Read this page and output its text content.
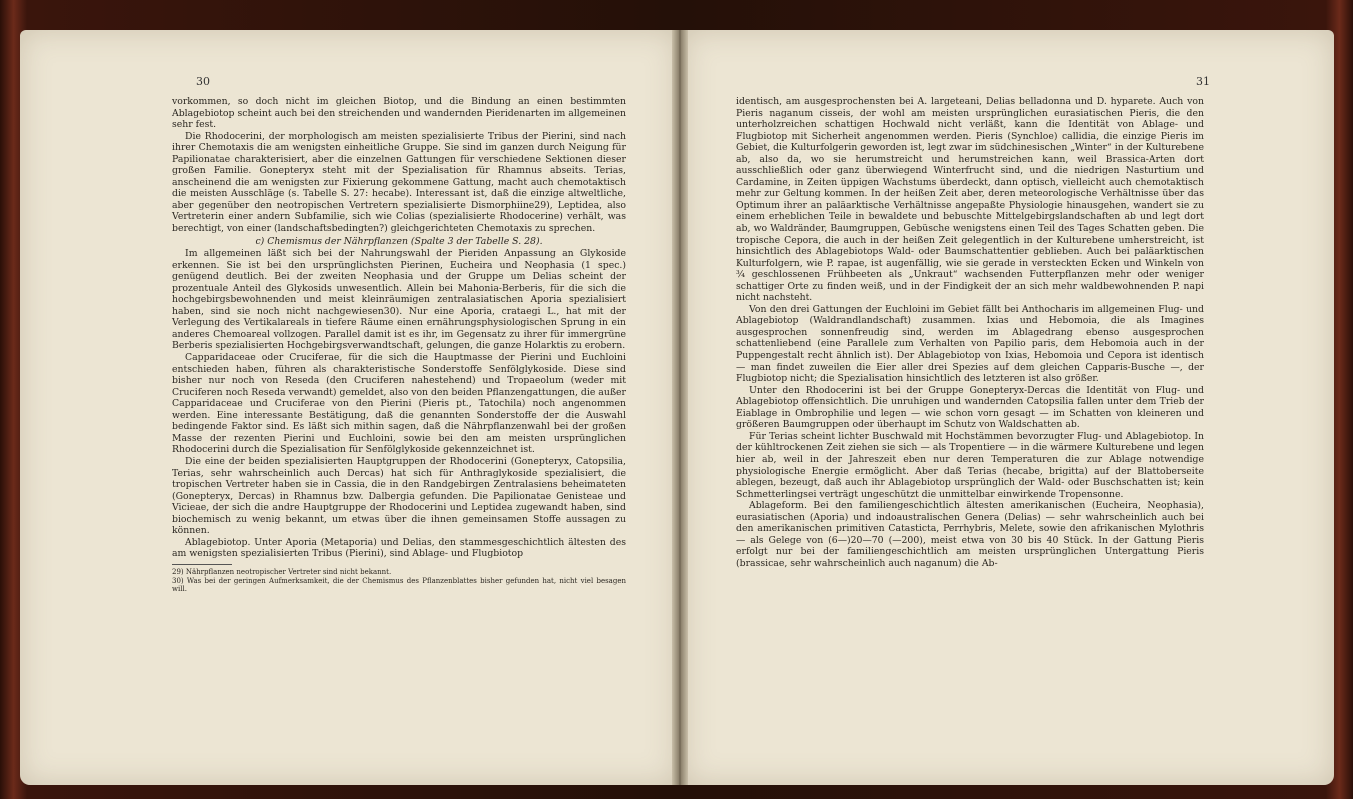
30

vorkommen, so doch nicht im gleichen Biotop, und die Bindung an einen bestimmten Ablagebiotop scheint auch bei den streichenden und wandernden Pieridenarten im allgemeinen sehr fest.

Die Rhodocerini, der morphologisch am meisten spezialisierte Tribus der Pierini, sind nach ihrer Chemotaxis die am wenigsten einheitliche Gruppe. Sie sind im ganzen durch Neigung für Papilionatae charakterisiert, aber die einzelnen Gattungen für verschiedene Sektionen dieser großen Familie. Gonepteryx steht mit der Spezialisation für Rhamnus abseits. Terias, anscheinend die am wenigsten zur Fixierung gekommene Gattung, macht auch chemotaktisch die meisten Ausschläge (s. Tabelle S. 27: hecabe). Interessant ist, daß die einzige altweltliche, aber gegenüber den neotropischen Vertretern spezialisierte Dismorphiine29), Leptidea, also Vertreterin einer andern Subfamilie, sich wie Colias (spezialisierte Rhodocerine) verhält, was berechtigt, von einer (landschaftsbedingten?) gleichgerichteten Chemotaxis zu sprechen.

c) Chemismus der Nährpflanzen (Spalte 3 der Tabelle S. 28).

Im allgemeinen läßt sich bei der Nahrungswahl der Pieriden Anpassung an Glykoside erkennen. Sie ist bei den ursprünglichsten Pierinen, Eucheira und Neophasia (1 spec.) genügend deutlich. Bei der zweiten Neophasia und der Gruppe um Delias scheint der prozentuale Anteil des Glykosids unwesentlich. Allein bei Mahonia-Berberis, für die sich die hochgebirgsbewohnenden und meist kleinräumigen zentralasiatischen Aporia spezialisiert haben, sind sie noch nicht nachgewiesen30). Nur eine Aporia, crataegi L., hat mit der Verlegung des Vertikalareals in tiefere Räume einen ernährungsphysiologischen Sprung in ein anderes Chemoareal vollzogen. Parallel damit ist es ihr, im Gegensatz zu ihrer für immergrüne Berberis spezialisierten Hochgebirgsverwandtschaft, gelungen, die ganze Holarktis zu erobern.

Capparidaceae oder Cruciferae, für die sich die Hauptmasse der Pierini und Euchloini entschieden haben, führen als charakteristische Sonderstoffe Senfölglykoside. Diese sind bisher nur noch von Reseda (den Cruciferen nahestehend) und Tropaeolum (weder mit Cruciferen noch Reseda verwandt) gemeldet, also von den beiden Pflanzengattungen, die außer Capparidaceae und Cruciferae von den Pierini (Pieris pt., Tatochila) noch angenommen werden. Eine interessante Bestätigung, daß die genannten Sonderstoffe der die Auswahl bedingende Faktor sind. Es läßt sich mithin sagen, daß die Nährpflanzenwahl bei der großen Masse der rezenten Pierini und Euchloini, sowie bei den am meisten ursprünglichen Rhodocerini durch die Spezialisation für Senfölglykoside gekennzeichnet ist.

Die eine der beiden spezialisierten Hauptgruppen der Rhodocerini (Gonepteryx, Catopsilia, Terias, sehr wahrscheinlich auch Dercas) hat sich für Anthraglykoside spezialisiert, die tropischen Vertreter haben sie in Cassia, die in den Randgebirgen Zentralasiens beheimateten (Gonepteryx, Dercas) in Rhamnus bzw. Dalbergia gefunden. Die Papilionatae Genisteae und Vicieae, der sich die andre Hauptgruppe der Rhodocerini und Leptidea zugewandt haben, sind biochemisch zu wenig bekannt, um etwas über die ihnen gemeinsamen Stoffe aussagen zu können.

Ablagebiotop. Unter Aporia (Metaporia) und Delias, den stammesgeschichtlich ältesten des am wenigsten spezialisierten Tribus (Pierini), sind Ablage- und Flugbiotop

29) Nährpflanzen neotropischer Vertreter sind nicht bekannt.

30) Was bei der geringen Aufmerksamkeit, die der Chemismus des Pflanzenblattes bisher gefunden hat, nicht viel besagen will.

31

identisch, am ausgesprochensten bei A. largeteani, Delias belladonna und D. hyparete. Auch von Pieris naganum cisseis, der wohl am meisten ursprünglichen eurasiatischen Pieris, die den unterholzreichen schattigen Hochwald nicht verläßt, kann die Identität von Ablage- und Flugbiotop mit Sicherheit angenommen werden. Pieris (Synchloe) callidia, die einzige Pieris im Gebiet, die Kulturfolgerin geworden ist, legt zwar im südchinesischen „Winter“ in der Kulturebene ab, also da, wo sie herumstreicht und herumstreichen kann, weil Brassica-Arten dort ausschließlich oder ganz überwiegend Winterfrucht sind, und die niedrigen Nasturtium und Cardamine, in Zeiten üppigen Wachstums überdeckt, dann optisch, vielleicht auch chemotaktisch mehr zur Geltung kommen. In der heißen Zeit aber, deren meteorologische Verhältnisse über das Optimum ihrer an paläarktische Verhältnisse angepaßte Physiologie hinausgehen, wandert sie zu einem erheblichen Teile in bewaldete und bebuschte Mittelgebirgslandschaften ab und legt dort ab, wo Waldränder, Baumgruppen, Gebüsche wenigstens einen Teil des Tages Schatten geben. Die tropische Cepora, die auch in der heißen Zeit gelegentlich in der Kulturebene umherstreicht, ist hinsichtlich des Ablagebiotops Wald- oder Baumschattentier geblieben. Auch bei paläarktischen Kulturfolgern, wie P. rapae, ist augenfällig, wie sie gerade in versteckten Ecken und Winkeln von ¾ geschlossenen Frühbeeten als „Unkraut“ wachsenden Futterpflanzen mehr oder weniger schattiger Orte zu finden weiß, und in der Findigkeit der an sich mehr waldbewohnenden P. napi nicht nachsteht.

Von den drei Gattungen der Euchloini im Gebiet fällt bei Anthocharis im allgemeinen Flug- und Ablagebiotop (Waldrandlandschaft) zusammen. Ixias und Hebomoia, die als Imagines ausgesprochen sonnenfreudig sind, werden im Ablagedrang ebenso ausgesprochen schattenliebend (eine Parallele zum Verhalten von Papilio paris, dem Hebomoia auch in der Puppengestalt recht ähnlich ist). Der Ablagebiotop von Ixias, Hebomoia und Cepora ist identisch — man findet zuweilen die Eier aller drei Spezies auf dem gleichen Capparis-Busche —, der Flugbiotop nicht; die Spezialisation hinsichtlich des letzteren ist also größer.

Unter den Rhodocerini ist bei der Gruppe Gonepteryx-Dercas die Identität von Flug- und Ablagebiotop offensichtlich. Die unruhigen und wandernden Catopsilia fallen unter dem Trieb der Eiablage in Ombrophilie und legen — wie schon vorn gesagt — im Schatten von kleineren und größeren Baumgruppen oder überhaupt im Schutz von Waldschatten ab.

Für Terias scheint lichter Buschwald mit Hochstämmen bevorzugter Flug- und Ablagebiotop. In der kühltrockenen Zeit ziehen sie sich — als Tropentiere — in die wärmere Kulturebene und legen hier ab, weil in der Jahreszeit eben nur deren Temperaturen die zur Ablage notwendige physiologische Energie ermöglicht. Aber daß Terias (hecabe, brigitta) auf der Blattoberseite ablegen, bezeugt, daß auch ihr Ablagebiotop ursprünglich der Wald- oder Buschschatten ist; kein Schmetterlingsei verträgt ungeschützt die unmittelbar einwirkende Tropensonne.

Ablageform. Bei den familiengeschichtlich ältesten amerikanischen (Eucheira, Neophasia), eurasiatischen (Aporia) und indoaustralischen Genera (Delias) — sehr wahrscheinlich auch bei den amerikanischen primitiven Catasticta, Perrhybris, Melete, sowie den afrikanischen Mylothris — als Gelege von (6—)20—70 (—200), meist etwa von 30 bis 40 Stück. In der Gattung Pieris erfolgt nur bei der familiengeschichtlich am meisten ursprünglichen Untergattung Pieris (brassicae, sehr wahrscheinlich auch naganum) die Ab-
